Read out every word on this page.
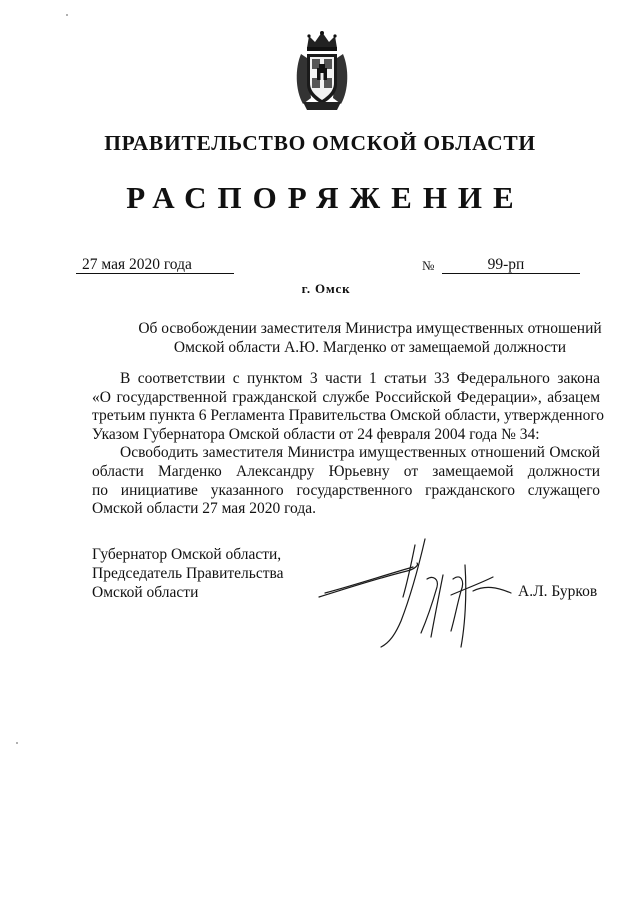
ПРАВИТЕЛЬСТВО ОМСКОЙ ОБЛАСТИ
РАСПОРЯЖЕНИЕ
27 мая 2020 года	№	99-рп
г. Омск
Об освобождении заместителя Министра имущественных отношений
Омской области А.Ю. Магденко от замещаемой должности
В соответствии с пунктом 3 части 1 статьи 33 Федерального закона
«О государственной гражданской службе Российской Федерации», абзацем
третьим пункта 6 Регламента Правительства Омской области, утвержденного
Указом Губернатора Омской области от 24 февраля 2004 года № 34:
Освободить заместителя Министра имущественных отношений Омской
области Магденко Александру Юрьевну от замещаемой должности
по инициативе указанного государственного гражданского служащего
Омской области 27 мая 2020 года.
Губернатор Омской области,
Председатель Правительства
Омской области	А.Л. Бурков
